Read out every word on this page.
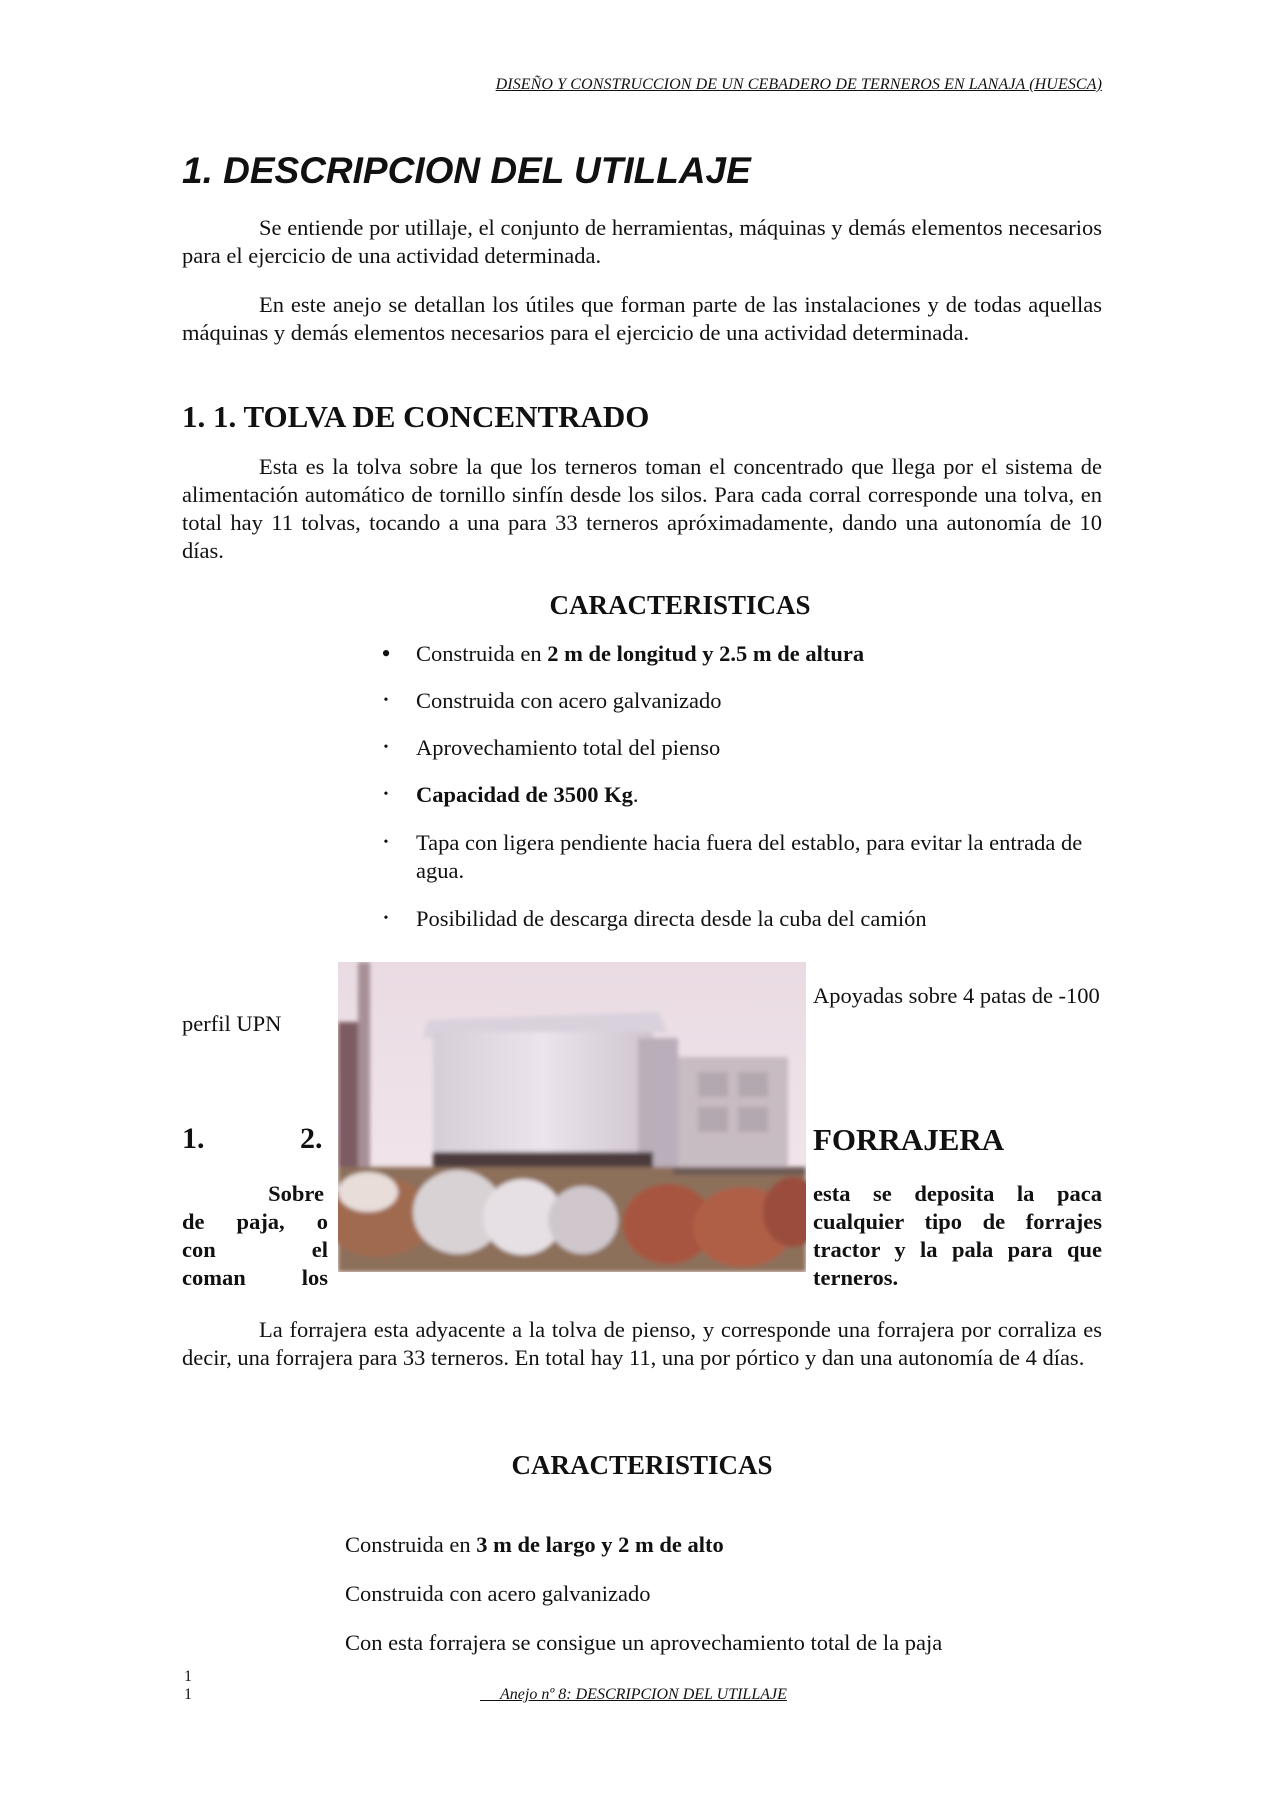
DISEÑO Y CONSTRUCCION DE UN CEBADERO DE TERNEROS EN LANAJA (HUESCA)
1. DESCRIPCION DEL UTILLAJE

Se entiende por utillaje, el conjunto de herramientas, máquinas y demás elementos necesarios para el ejercicio de una actividad determinada.

En este anejo se detallan los útiles que forman parte de las instalaciones y de todas aquellas máquinas y demás elementos necesarios para el ejercicio de una actividad determinada.

1. 1. TOLVA DE CONCENTRADO

Esta es la tolva sobre la que los terneros toman el concentrado que llega por el sistema de alimentación automático de tornillo sinfín desde los silos. Para cada corral corresponde una tolva, en total hay 11 tolvas, tocando a una para 33 terneros apróximadamente, dando una autonomía de 10 días.

CARACTERISTICAS
• Construida en 2 m de longitud y 2.5 m de altura
•	Construida con acero galvanizado
•	Aprovechamiento total del pienso
•	Capacidad de 3500 Kg.
•	Tapa con ligera pendiente hacia fuera del establo, para evitar la entrada de agua.
•	Posibilidad de descarga directa desde la cuba del camión
Apoyadas sobre 4 patas de -100
perfil UPN
1.	2.	FORRAJERA
Sobre
de paja, o
con el
coman los
esta se deposita la paca
cualquier tipo de forrajes
tractor y la pala para que
terneros.

La forrajera esta adyacente a la tolva de pienso, y corresponde una forrajera por corraliza es decir, una forrajera para 33 terneros. En total hay 11, una por pórtico y dan una autonomía de 4 días.

CARACTERISTICAS

Construida en 3 m de largo y 2 m de alto

Construida con acero galvanizado

Con esta forrajera se consigue un aprovechamiento total de la paja

1
1	Anejo nº 8: DESCRIPCION DEL UTILLAJE
